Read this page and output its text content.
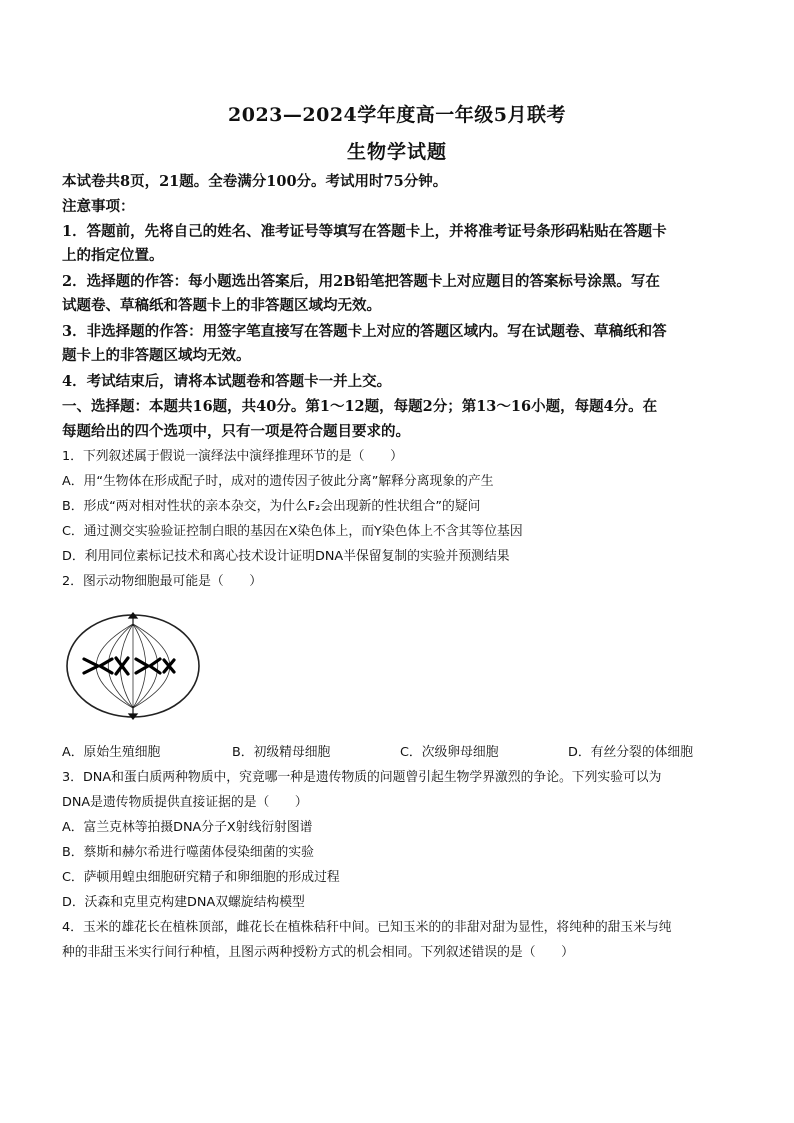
2023—2024学年度高一年级5月联考
生物学试题
本试卷共8页，21题。全卷满分100分。考试用时75分钟。
注意事项：
1．答题前，先将自己的姓名、准考证号等填写在答题卡上，并将准考证号条形码粘贴在答题卡
上的指定位置。
2．选择题的作答：每小题选出答案后，用2B铅笔把答题卡上对应题目的答案标号涂黑。写在
试题卷、草稿纸和答题卡上的非答题区域均无效。
3．非选择题的作答：用签字笔直接写在答题卡上对应的答题区域内。写在试题卷、草稿纸和答
题卡上的非答题区域均无效。
4．考试结束后，请将本试题卷和答题卡一并上交。
一、选择题：本题共16题，共40分。第1～12题，每题2分；第13～16小题，每题4分。在
每题给出的四个选项中，只有一项是符合题目要求的。
1．下列叙述属于假说一演绎法中演绎推理环节的是（　　）
A．用“生物体在形成配子时，成对的遗传因子彼此分离”解释分离现象的产生
B．形成“两对相对性状的亲本杂交，为什么F₂会出现新的性状组合”的疑问
C．通过测交实验验证控制白眼的基因在X染色体上，而Y染色体上不含其等位基因
D．利用同位素标记技术和离心技术设计证明DNA半保留复制的实验并预测结果
2．图示动物细胞最可能是（　　）
A．原始生殖细胞	B．初级精母细胞	C．次级卵母细胞	D．有丝分裂的体细胞
3．DNA和蛋白质两种物质中，究竟哪一种是遗传物质的问题曾引起生物学界激烈的争论。下列实验可以为
DNA是遗传物质提供直接证据的是（　　）
A．富兰克林等拍摄DNA分子X射线衍射图谱
B．蔡斯和赫尔希进行噬菌体侵染细菌的实验
C．萨顿用蝗虫细胞研究精子和卵细胞的形成过程
D．沃森和克里克构建DNA双螺旋结构模型
4．玉米的雄花长在植株顶部，雌花长在植株秸秆中间。已知玉米的的非甜对甜为显性，将纯种的甜玉米与纯
种的非甜玉米实行间行种植，且图示两种授粉方式的机会相同。下列叙述错误的是（　　）
